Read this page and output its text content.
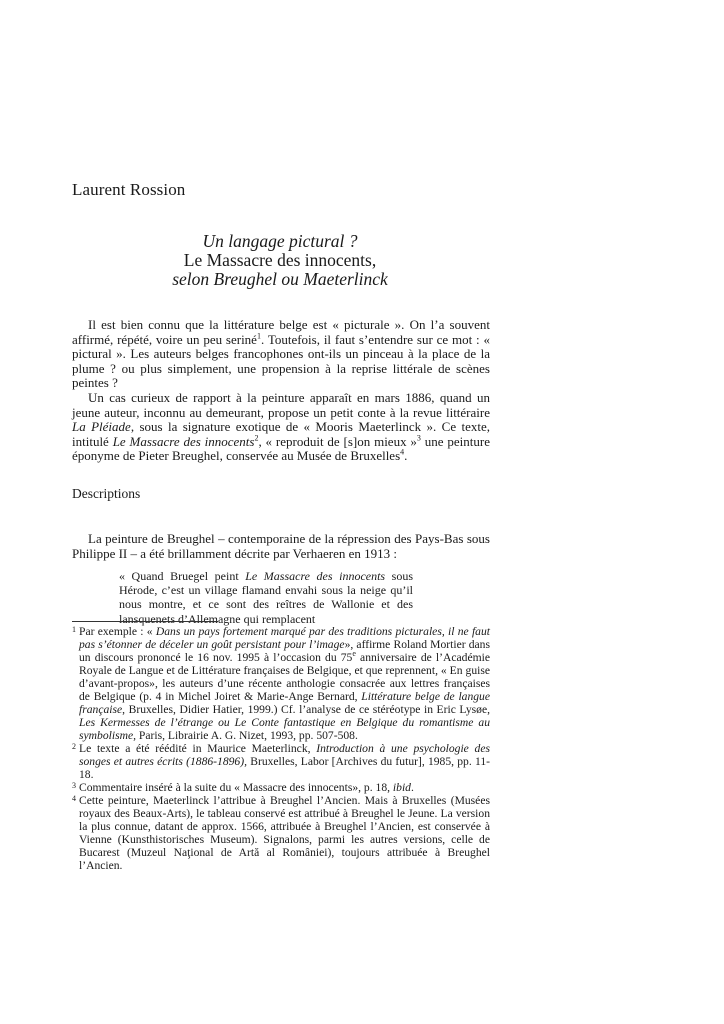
Laurent Rossion
Un langage pictural ?
Le Massacre des innocents,
selon Breughel ou Maeterlinck

Il est bien connu que la littérature belge est « picturale ». On l’a souvent affirmé, répété, voire un peu seriné$^1$. Toutefois, il faut s’entendre sur ce mot : « pictural ». Les auteurs belges francophones ont-ils un pinceau à la place de la plume ? ou plus simplement, une propension à la reprise littérale de scènes peintes ?

Un cas curieux de rapport à la peinture apparaît en mars 1886, quand un jeune auteur, inconnu au demeurant, propose un petit conte à la revue littéraire La Pléiade, sous la signature exotique de « Mooris Maeterlinck ». Ce texte, intitulé Le Massacre des innocents$^2$, « reproduit de [s]on mieux »$^3$ une peinture éponyme de Pieter Breughel, conservée au Musée de Bruxelles$^4$.

Descriptions

La peinture de Breughel – contemporaine de la répression des Pays-Bas sous Philippe II – a été brillamment décrite par Verhaeren en 1913 :

« Quand Bruegel peint Le Massacre des innocents sous Hérode, c’est un village flamand envahi sous la neige qu’il nous montre, et ce sont des reîtres de Wallonie et des lansquenets d’Allemagne qui remplacent
1 Par exemple : « Dans un pays fortement marqué par des traditions picturales, il ne faut pas s’étonner de déceler un goût persistant pour l’image», affirme Roland Mortier dans un discours prononcé le 16 nov. 1995 à l’occasion du 75e anniversaire de l’Académie Royale de Langue et de Littérature françaises de Belgique, et que reprennent, « En guise d’avant-propos», les auteurs d’une récente anthologie consacrée aux lettres françaises de Belgique (p. 4 in Michel Joiret & Marie-Ange Bernard, Littérature belge de langue française, Bruxelles, Didier Hatier, 1999.) Cf. l’analyse de ce stéréotype in Eric Lysøe, Les Kermesses de l’étrange ou Le Conte fantastique en Belgique du romantisme au symbolisme, Paris, Librairie A. G. Nizet, 1993, pp. 507-508.
2 Le texte a été réédité in Maurice Maeterlinck, Introduction à une psychologie des songes et autres écrits (1886-1896), Bruxelles, Labor [Archives du futur], 1985, pp. 11-18.
3 Commentaire inséré à la suite du « Massacre des innocents», p. 18, ibid.
4 Cette peinture, Maeterlinck l’attribue à Breughel l’Ancien. Mais à Bruxelles (Musées royaux des Beaux-Arts), le tableau conservé est attribué à Breughel le Jeune. La version la plus connue, datant de approx. 1566, attribuée à Breughel l’Ancien, est conservée à Vienne (Kunsthistorisches Museum). Signalons, parmi les autres versions, celle de Bucarest (Muzeul Naţional de Artă al României), toujours attribuée à Breughel l’Ancien.
